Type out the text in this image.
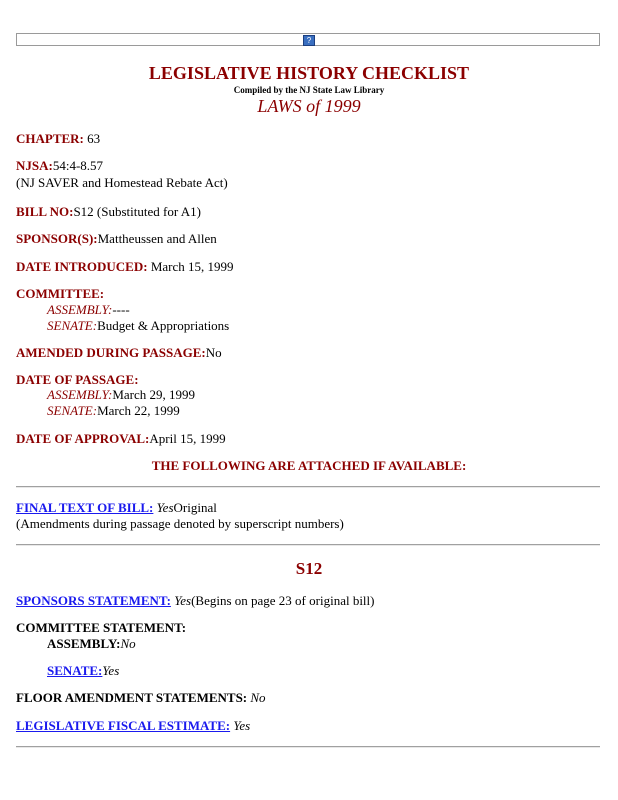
?
LEGISLATIVE HISTORY CHECKLIST
Compiled by the NJ State Law Library
LAWS of 1999
CHAPTER: 63
NJSA:54:4-8.57
(NJ SAVER and Homestead Rebate Act)
BILL NO:S12 (Substituted for A1)
SPONSOR(S):Mattheussen and Allen
DATE INTRODUCED: March 15, 1999
COMMITTEE:
ASSEMBLY:----
SENATE:Budget & Appropriations
AMENDED DURING PASSAGE:No
DATE OF PASSAGE:
ASSEMBLY:March 29, 1999
SENATE:March 22, 1999
DATE OF APPROVAL:April 15, 1999
THE FOLLOWING ARE ATTACHED IF AVAILABLE:
FINAL TEXT OF BILL: YesOriginal
(Amendments during passage denoted by superscript numbers)
S12
SPONSORS STATEMENT: Yes(Begins on page 23 of original bill)
COMMITTEE STATEMENT:
ASSEMBLY:No
SENATE:Yes
FLOOR AMENDMENT STATEMENTS: No
LEGISLATIVE FISCAL ESTIMATE: Yes
